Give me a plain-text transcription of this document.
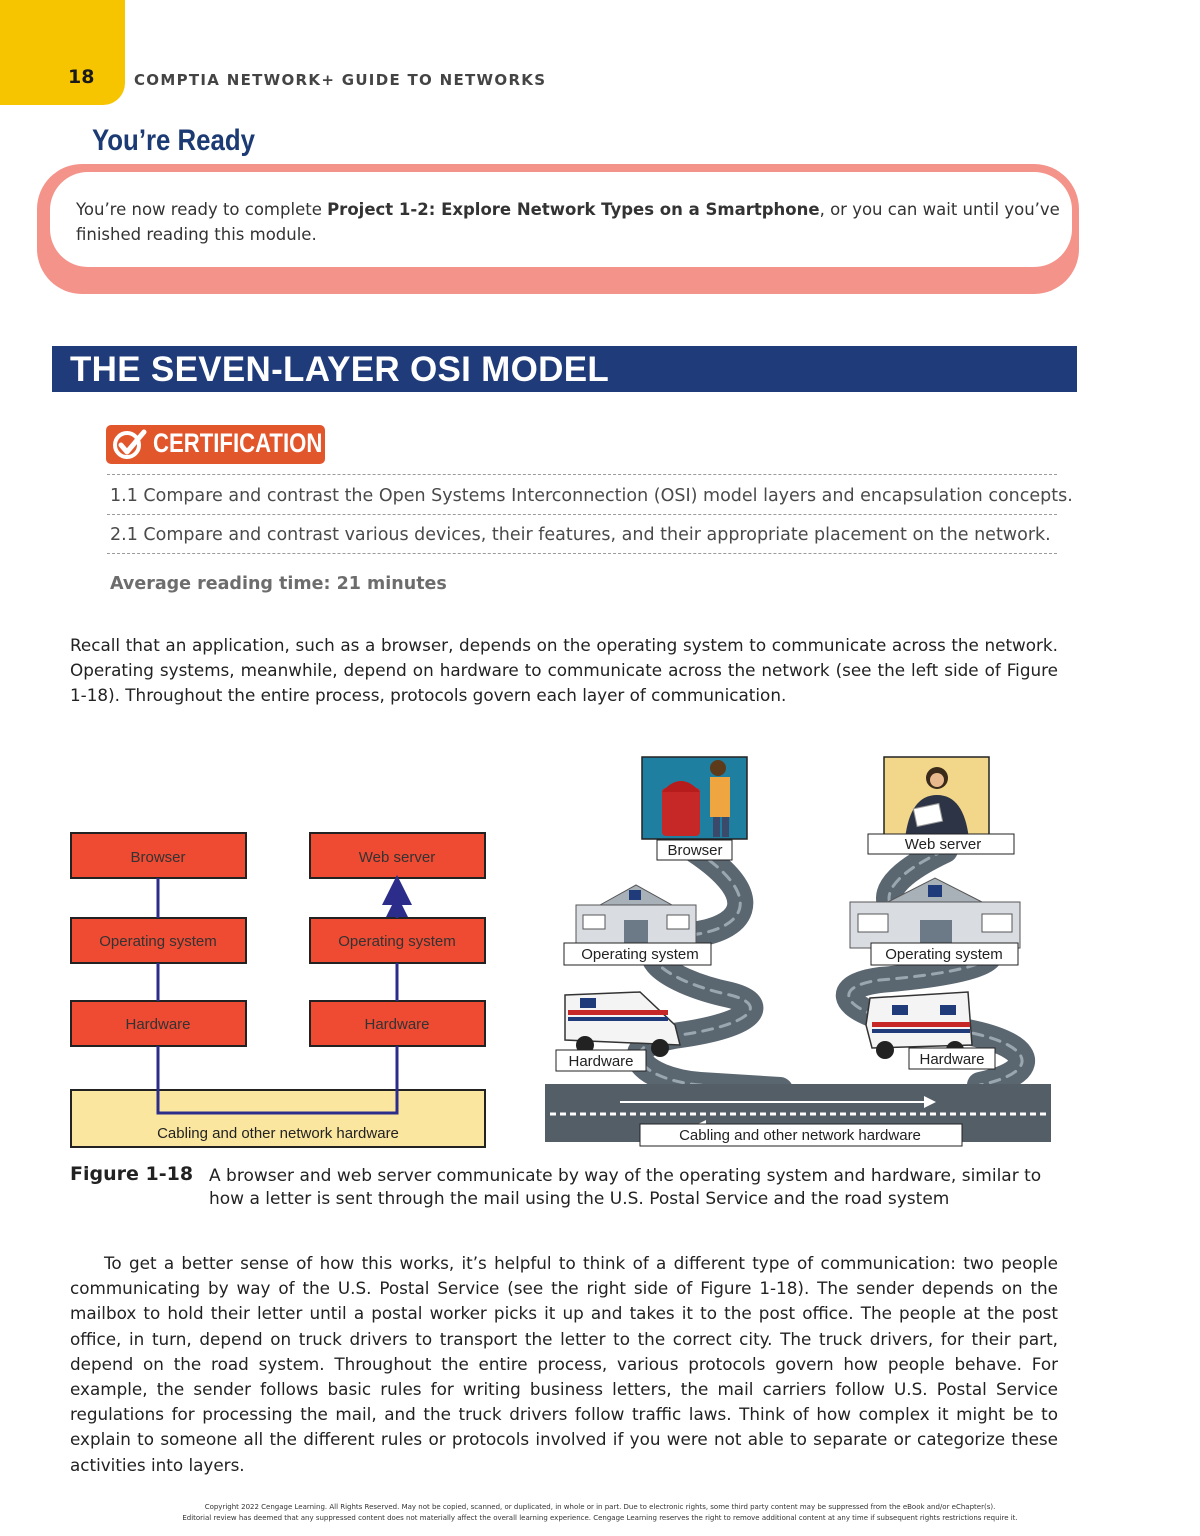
18	COMPTIA NETWORK+ GUIDE TO NETWORKS
You’re Ready
You’re now ready to complete Project 1-2: Explore Network Types on a Smartphone, or you can wait until you’ve finished reading this module.
THE SEVEN-LAYER OSI MODEL
CERTIFICATION
1.1 Compare and contrast the Open Systems Interconnection (OSI) model layers and encapsulation concepts.
2.1 Compare and contrast various devices, their features, and their appropriate placement on the network.
Average reading time: 21 minutes
Recall that an application, such as a browser, depends on the operating system to communicate across the network. Operating systems, meanwhile, depend on hardware to communicate across the network (see the left side of Figure 1-18). Throughout the entire process, protocols govern each layer of communication.
Browser	Web server
Operating system	Operating system
Hardware	Hardware
Cabling and other network hardware
Browser	Web server
Operating system	Operating system
Hardware	Hardware
Cabling and other network hardware
Figure 1-18 A browser and web server communicate by way of the operating system and hardware, similar to how a letter is sent through the mail using the U.S. Postal Service and the road system
To get a better sense of how this works, it’s helpful to think of a different type of communication: two people communicating by way of the U.S. Postal Service (see the right side of Figure 1-18). The sender depends on the mailbox to hold their letter until a postal worker picks it up and takes it to the post office. The people at the post office, in turn, depend on truck drivers to transport the letter to the correct city. The truck drivers, for their part, depend on the road system. Throughout the entire process, various protocols govern how people behave. For example, the sender follows basic rules for writing business letters, the mail carriers follow U.S. Postal Service regulations for processing the mail, and the truck drivers follow traffic laws. Think of how complex it might be to explain to someone all the different rules or protocols involved if you were not able to separate or categorize these activities into layers.
Copyright 2022 Cengage Learning. All Rights Reserved. May not be copied, scanned, or duplicated, in whole or in part. Due to electronic rights, some third party content may be suppressed from the eBook and/or eChapter(s).
Editorial review has deemed that any suppressed content does not materially affect the overall learning experience. Cengage Learning reserves the right to remove additional content at any time if subsequent rights restrictions require it.
